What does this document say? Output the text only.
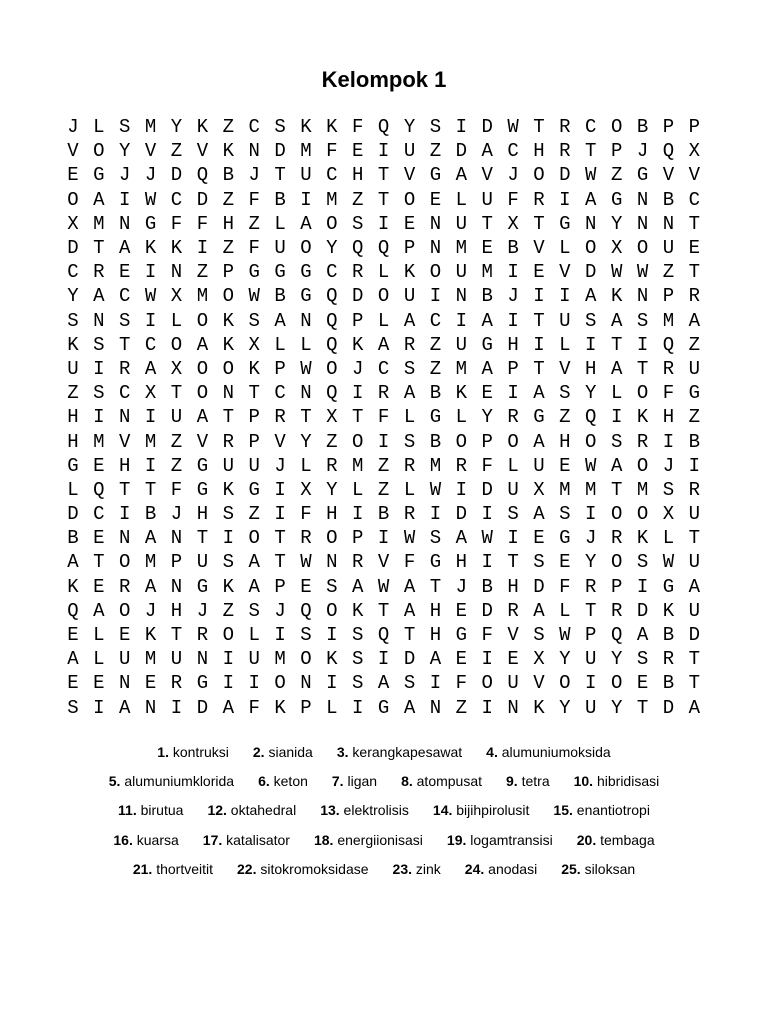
Kelompok 1
J L S M Y K Z C S K K F Q Y S I D W T R C O B P P
V O Y V Z V K N D M F E I U Z D A C H R T P J Q X
E G J J D Q B J T U C H T V G A V J O D W Z G V V
O A I W C D Z F B I M Z T O E L U F R I A G N B C
X M N G F F H Z L A O S I E N U T X T G N Y N N T
D T A K K I Z F U O Y Q Q P N M E B V L O X O U E
C R E I N Z P G G G C R L K O U M I E V D W W Z T
Y A C W X M O W B G Q D O U I N B J I I A K N P R
S N S I L O K S A N Q P L A C I A I T U S A S M A
K S T C O A K X L L Q K A R Z U G H I L I T I Q Z
U I R A X O O K P W O J C S Z M A P T V H A T R U
Z S C X T O N T C N Q I R A B K E I A S Y L O F G
H I N I U A T P R T X T F L G L Y R G Z Q I K H Z
H M V M Z V R P V Y Z O I S B O P O A H O S R I B
G E H I Z G U U J L R M Z R M R F L U E W A O J I
L Q T T F G K G I X Y L Z L W I D U X M M T M S R
D C I B J H S Z I F H I B R I D I S A S I O O X U
B E N A N T I O T R O P I W S A W I E G J R K L T
A T O M P U S A T W N R V F G H I T S E Y O S W U
K E R A N G K A P E S A W A T J B H D F R P I G A
Q A O J H J Z S J Q O K T A H E D R A L T R D K U
E L E K T R O L I S I S Q T H G F V S W P Q A B D
A L U M U N I U M O K S I D A E I E X Y U Y S R T
E E N E R G I I O N I S A S I F O U V O I O E B T
S I A N I D A F K P L I G A N Z I N K Y U Y T D A
1. kontruksi 2. sianida 3. kerangkapesawat 4. alumuniumoksida
5. alumuniumklorida 6. keton 7. ligan 8. atompusat 9. tetra 10. hibridisasi
11. birutua 12. oktahedral 13. elektrolisis 14. bijihpirolusit 15. enantiotropi
16. kuarsa 17. katalisator 18. energiionisasi 19. logamtransisi 20. tembaga
21. thortveitit 22. sitokromoksidase 23. zink 24. anodasi 25. siloksan
